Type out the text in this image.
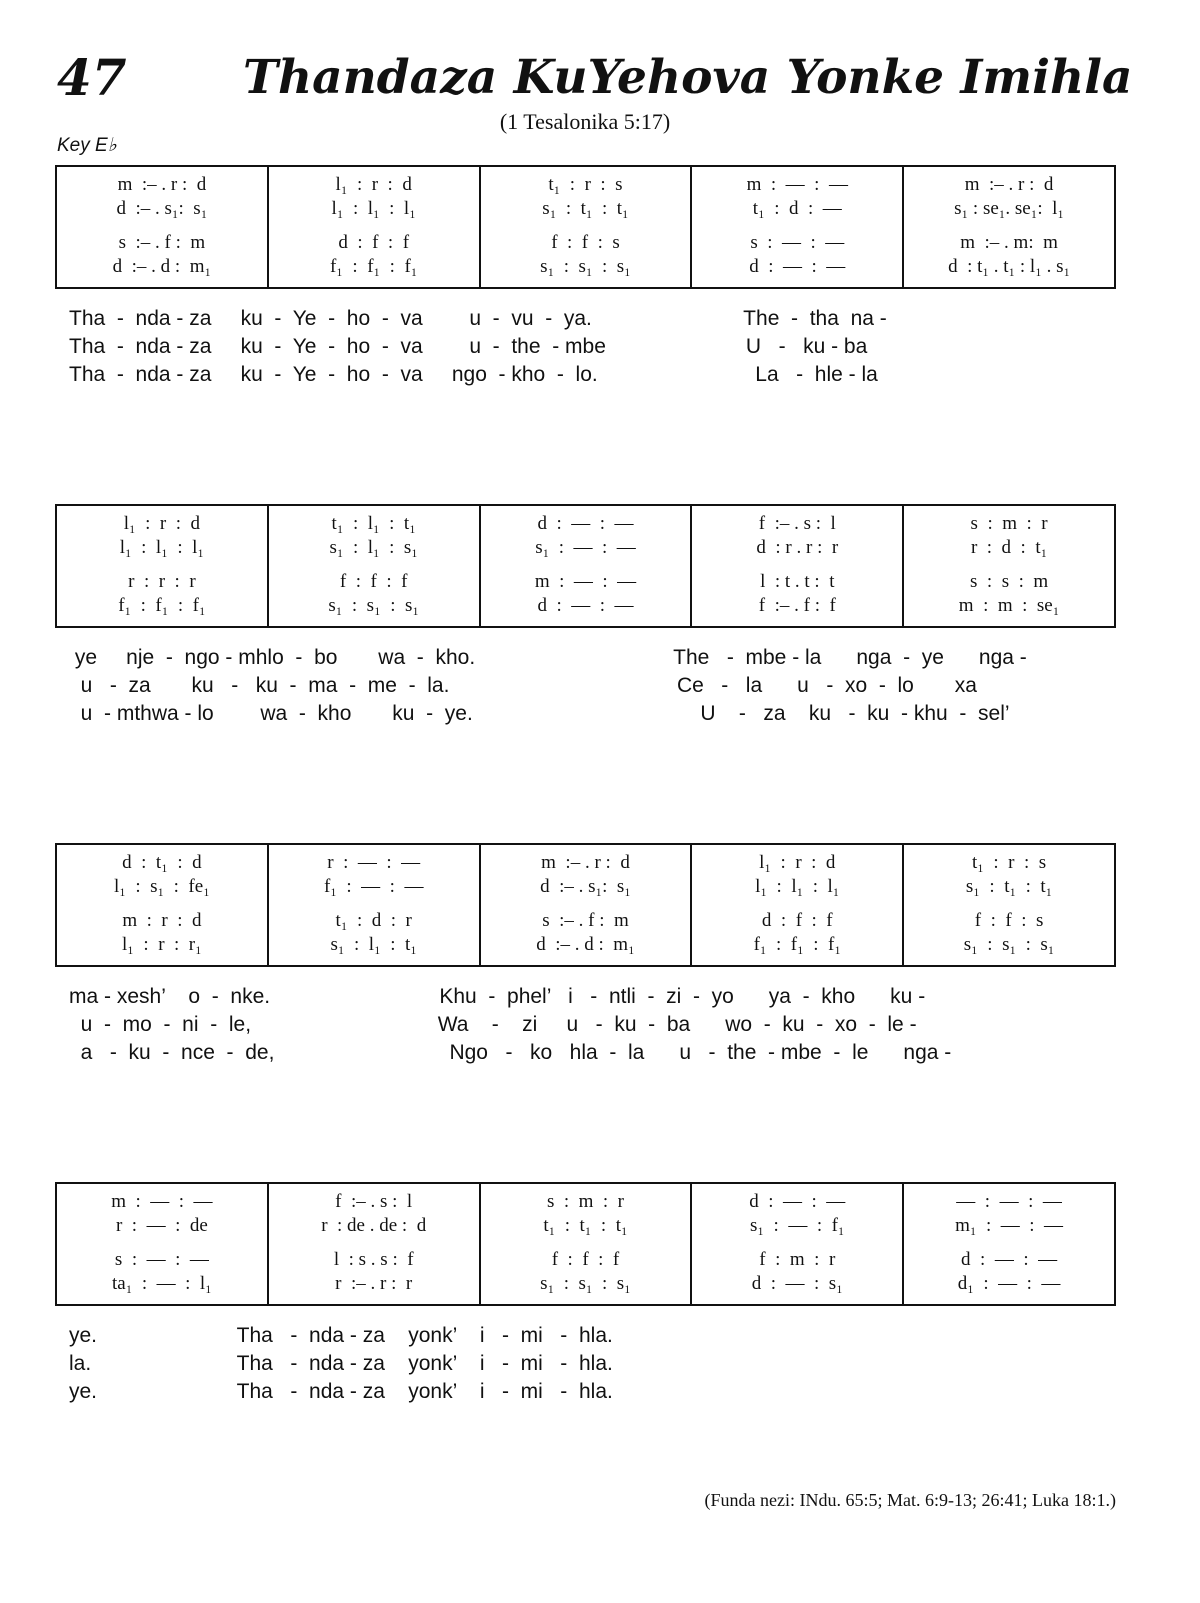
47 Thandaza KuYehova Yonke Imihla
(1 Tesalonika 5:17)
Key E♭
m  :– . r :  d
d  :– . s₁:  s₁
s  :– . f :  m
d  :– . d :  m₁
l₁  :  r  :  d
l₁  :  l₁  :  l₁
d  :  f  :  f
f₁  :  f₁  :  f₁
t₁  :  r  :  s
s₁  :  t₁  :  t₁
f  :  f  :  s
s₁  :  s₁  :  s₁
m  :  —  :  —
t₁  :  d  :  —
s  :  —  :  —
d  :  —  :  —
m  :– . r :  d
s₁ : se₁. se₁:  l₁
m  :– . m:  m
d  : t₁ . t₁ : l₁ . s₁
Tha  -  nda - za     ku  -  Ye  -  ho  -  va        u  -  vu  -  ya.                          The  -  tha  na -
Tha  -  nda - za     ku  -  Ye  -  ho  -  va        u  -  the  - mbe                        U   -   ku - ba
Tha  -  nda - za     ku  -  Ye  -  ho  -  va     ngo  - kho  -  lo.                           La   -  hle - la
l₁  :  r  :  d
l₁  :  l₁  :  l₁
r  :  r  :  r
f₁  :  f₁  :  f₁
t₁  :  l₁  :  t₁
s₁  :  l₁  :  s₁
f  :  f  :  f
s₁  :  s₁  :  s₁
d  :  —  :  —
s₁  :  —  :  —
m  :  —  :  —
d  :  —  :  —
f  :– . s :  l
d  : r . r :  r
l  : t . t :  t
f  :– . f :  f
s  :  m  :  r
r  :  d  :  t₁
s  :  s  :  m
m  :  m  :  se₁
ye     nje  -  ngo - mhlo  -  bo       wa  -  kho.                                  The   -  mbe - la      nga  -  ye      nga -
u   -  za       ku   -   ku  -  ma  -  me  -  la.                                       Ce   -   la      u   -  xo  -  lo       xa
u  - mthwa - lo        wa  -  kho       ku  -  ye.                                       U    -   za    ku   -  ku  - khu  -  sel’
d  :  t₁  :  d
l₁  :  s₁  :  fe₁
m  :  r  :  d
l₁  :  r  :  r₁
r  :  —  :  —
f₁  :  —  :  —
t₁  :  d  :  r
s₁  :  l₁  :  t₁
m  :– . r :  d
d  :– . s₁:  s₁
s  :– . f :  m
d  :– . d :  m₁
l₁  :  r  :  d
l₁  :  l₁  :  l₁
d  :  f  :  f
f₁  :  f₁  :  f₁
t₁  :  r  :  s
s₁  :  t₁  :  t₁
f  :  f  :  s
s₁  :  s₁  :  s₁
ma - xesh’    o  -  nke.                             Khu  -  phel’   i   -  ntli  -  zi  -  yo      ya  -  kho      ku -
u  -  mo  -  ni  -  le,                                Wa    -    zi     u   -  ku  -  ba      wo  -  ku  -  xo  -  le -
a   -  ku  -  nce  -  de,                              Ngo   -   ko   hla  -  la      u   -  the  - mbe  -  le      nga -
m  :  —  :  —
r  :  —  :  de
s  :  —  :  —
ta₁  :  —  :  l₁
f  :– . s :  l
r  : de . de :  d
l  : s . s :  f
r  :– . r :  r
s  :  m  :  r
t₁  :  t₁  :  t₁
f  :  f  :  f
s₁  :  s₁  :  s₁
d  :  —  :  —
s₁  :  —  :  f₁
f  :  m  :  r
d  :  —  :  s₁
—  :  —  :  —
m₁  :  —  :  —
d  :  —  :  —
d₁  :  —  :  —
ye.                        Tha   -  nda - za    yonk’    i   -  mi   -  hla.
la.                         Tha   -  nda - za    yonk’    i   -  mi   -  hla.
ye.                        Tha   -  nda - za    yonk’    i   -  mi   -  hla.
(Funda nezi: INdu. 65:5; Mat. 6:9-13; 26:41; Luka 18:1.)
